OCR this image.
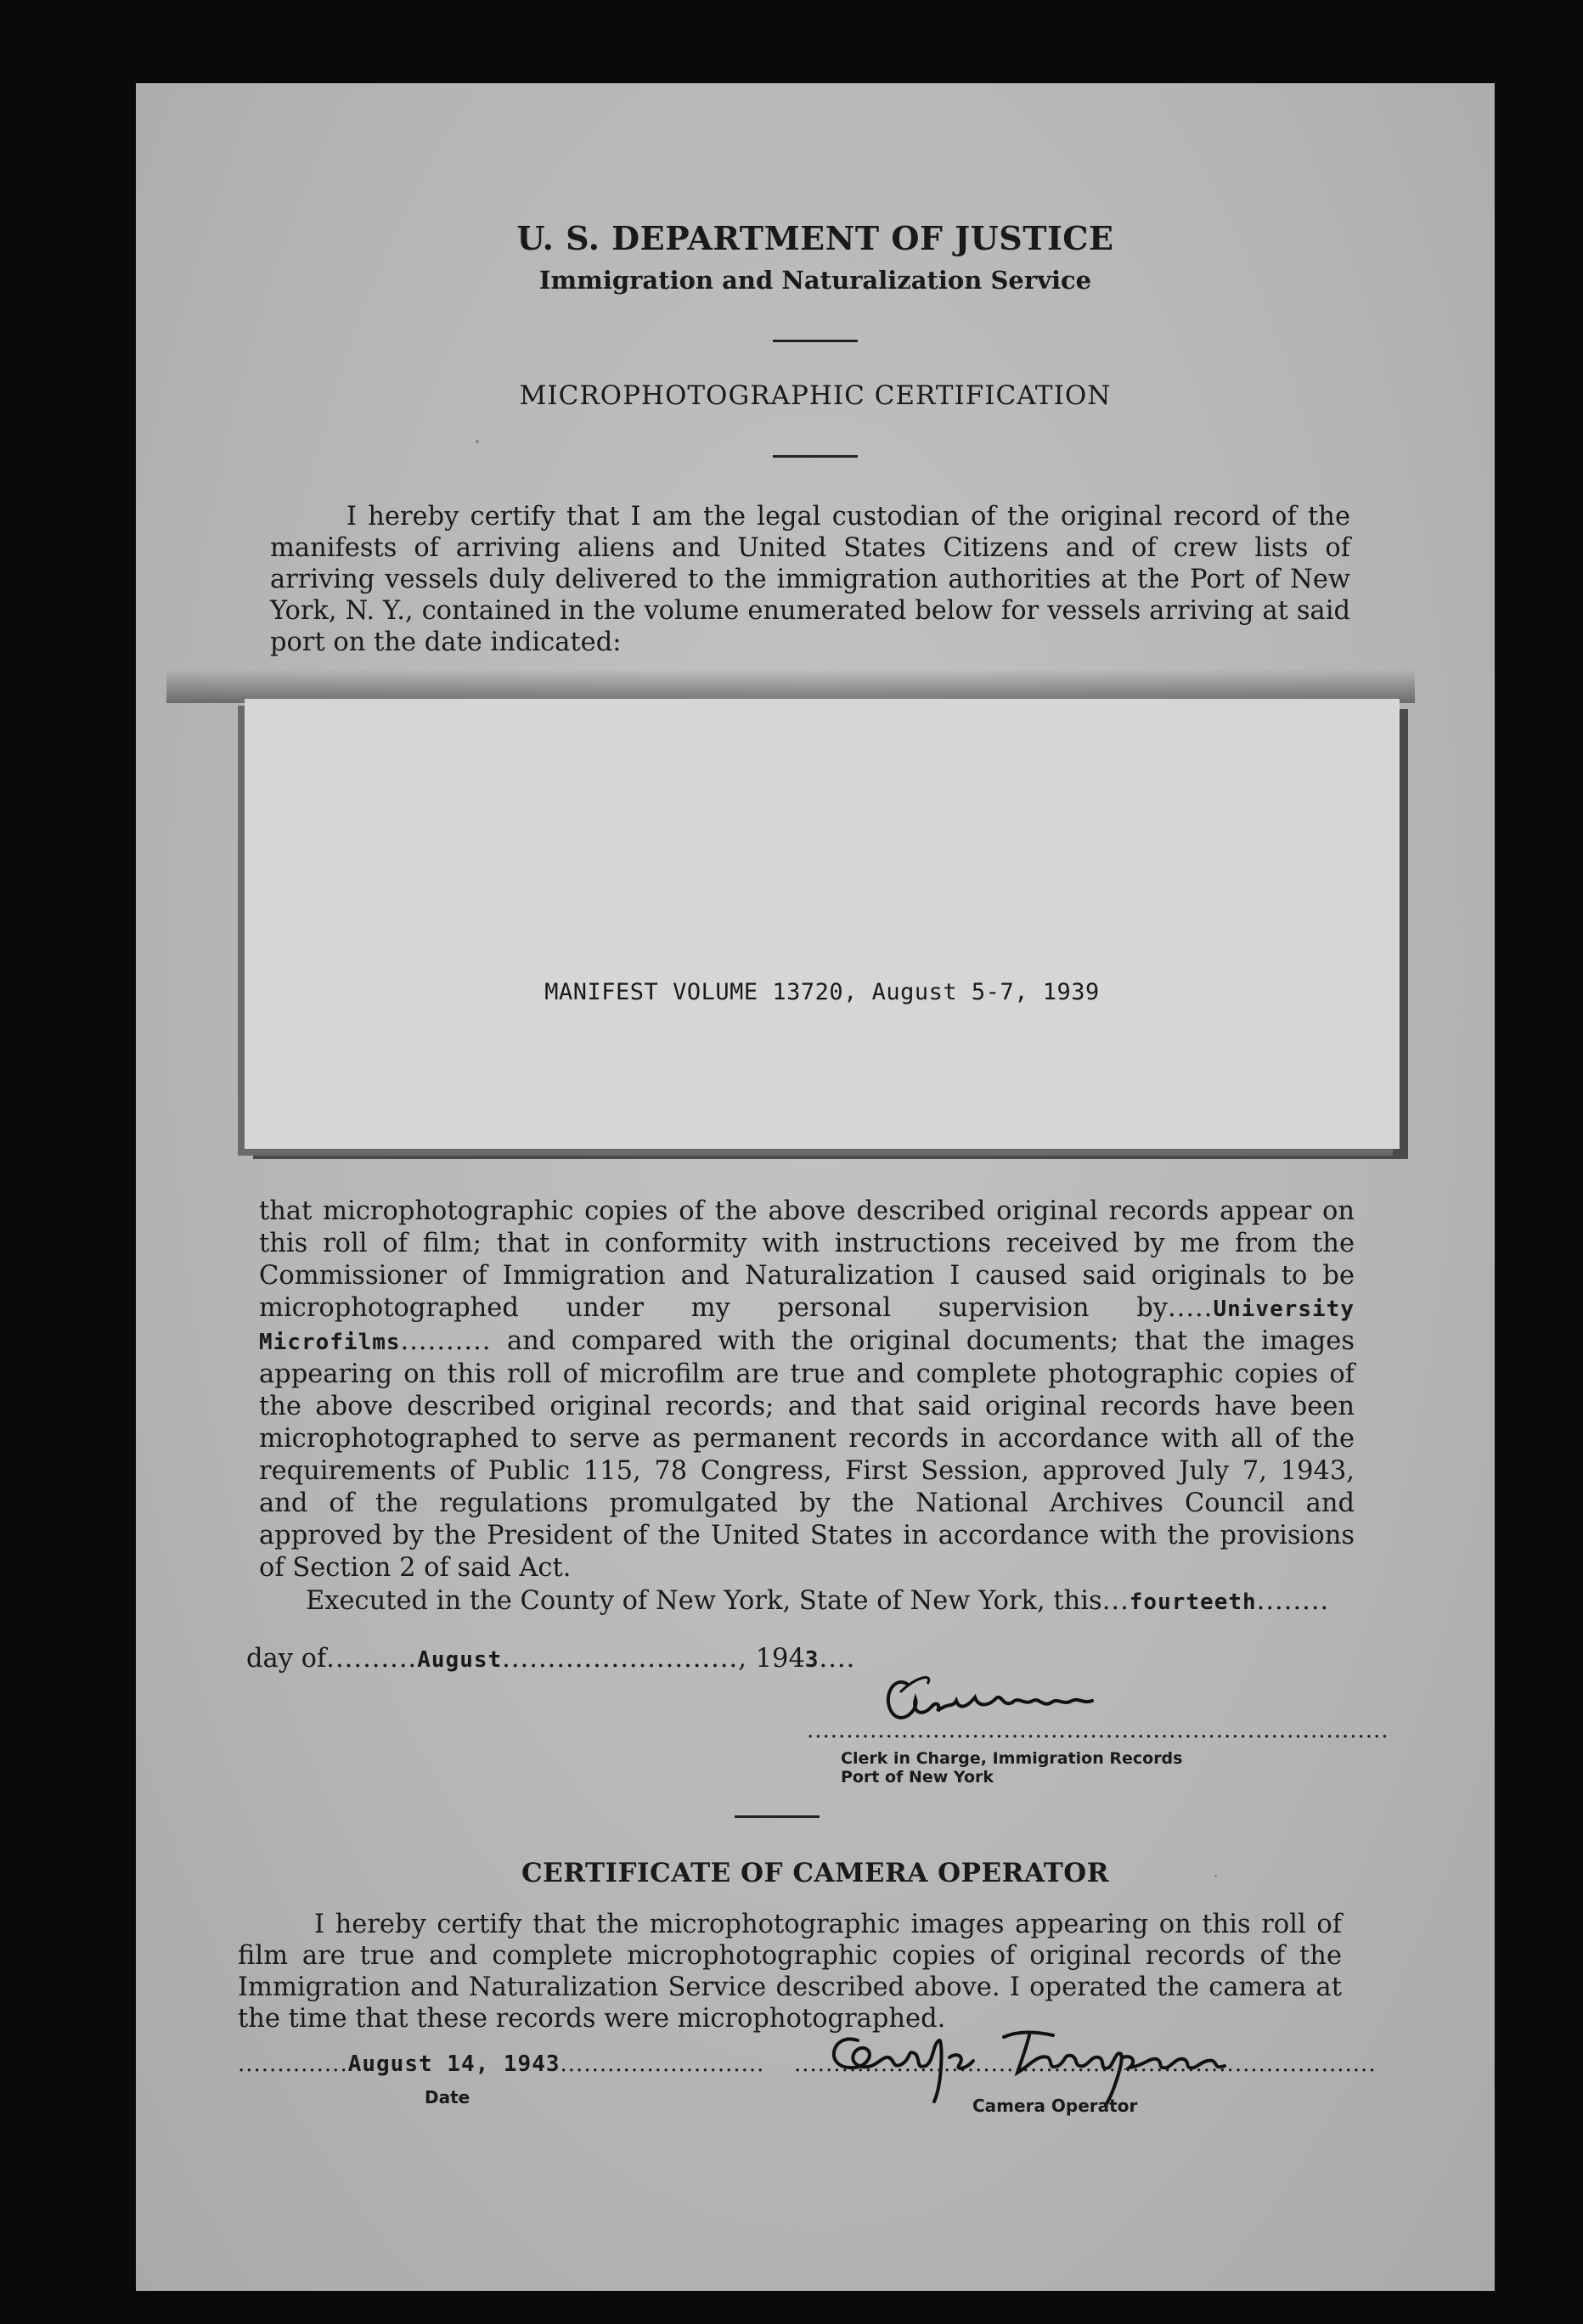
U. S. DEPARTMENT OF JUSTICE
Immigration and Naturalization Service
MICROPHOTOGRAPHIC CERTIFICATION
I hereby certify that I am the legal custodian of the original record of the manifests of arriving aliens and United States Citizens and of crew lists of arriving vessels duly delivered to the immigration authorities at the Port of New York, N. Y., contained in the volume enumerated below for vessels arriving at said port on the date indicated:
MANIFEST VOLUME 13720, August 5-7, 1939
that microphotographic copies of the above described original records appear on this roll of film; that in conformity with instructions received by me from the Commissioner of Immigration and Naturalization I caused said originals to be microphotographed under my personal supervision by.....University Microfilms.......... and compared with the original documents; that the images appearing on this roll of microfilm are true and complete photographic copies of the above described original records; and that said original records have been microphotographed to serve as permanent records in accordance with all of the requirements of Public 115, 78 Congress, First Session, approved July 7, 1943, and of the regulations promulgated by the National Archives Council and approved by the President of the United States in accordance with the provisions of Section 2 of said Act.
Executed in the County of New York, State of New York, this...fourteeth........
day of..........August.........................., 1943....
..........................................................................
Clerk in Charge, Immigration Records
Port of New York
CERTIFICATE OF CAMERA OPERATOR
I hereby certify that the microphotographic images appearing on this roll of film are true and complete microphotographic copies of original records of the Immigration and Naturalization Service described above. I operated the camera at the time that these records were microphotographed.
..............August 14, 1943..........................
Date
..........................................................................
Camera Operator
